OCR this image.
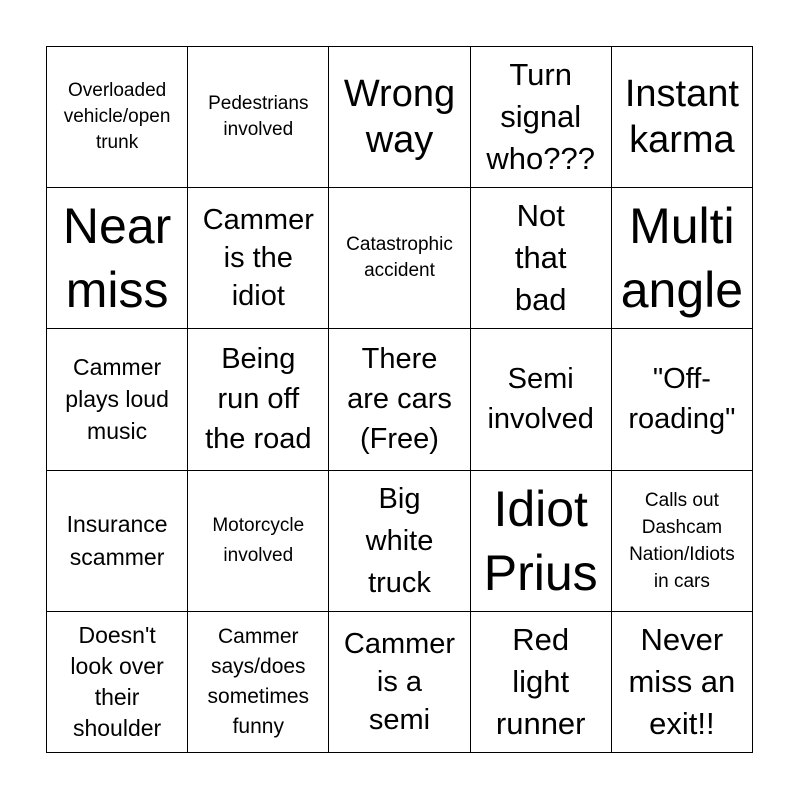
Overloaded
vehicle/open
trunk
Pedestrians
involved
Wrong
way
Turn
signal
who???
Instant
karma
Near
miss
Cammer
is the
idiot
Catastrophic
accident
Not
that
bad
Multi
angle
Cammer
plays loud
music
Being
run off
the road
There
are cars
(Free)
Semi
involved
"Off-
roading"
Insurance
scammer
Motorcycle
involved
Big
white
truck
Idiot
Prius
Calls out
Dashcam
Nation/Idiots
in cars
Doesn't
look over
their
shoulder
Cammer
says/does
sometimes
funny
Cammer
is a
semi
Red
light
runner
Never
miss an
exit!!
